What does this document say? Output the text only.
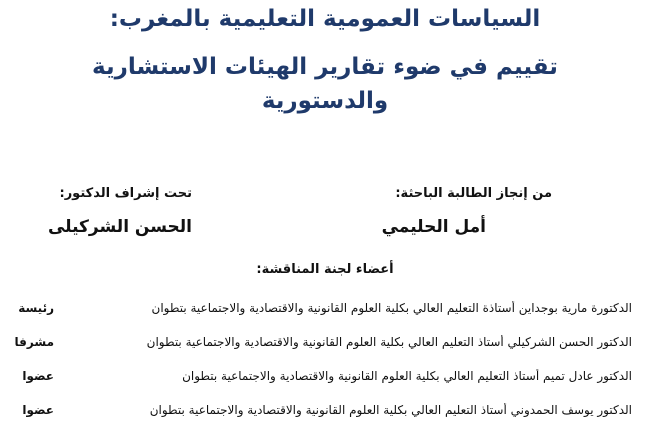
السياسات العمومية التعليمية بالمغرب:
تقييم في ضوء تقارير الهيئات الاستشارية
والدستورية
من إنجاز الطالبة الباحثة:
أمل الحليمي
تحت إشراف الدكتور:
الحسن الشركيلى
أعضاء لجنة المناقشة:
الدكتورة مارية بوجداين أستاذة التعليم العالي بكلية العلوم القانونية والاقتصادية والاجتماعية بتطوان
رئيسة
الدكتور الحسن الشركيلي أستاذ التعليم العالي بكلية العلوم القانونية والاقتصادية والاجتماعية بتطوان
مشرفا
الدكتور عادل تميم أستاذ التعليم العالي بكلية العلوم القانونية والاقتصادية والاجتماعية بتطوان
عضوا
الدكتور يوسف الحمدوني أستاذ التعليم العالي بكلية العلوم القانونية والاقتصادية والاجتماعية بتطوان
عضوا
